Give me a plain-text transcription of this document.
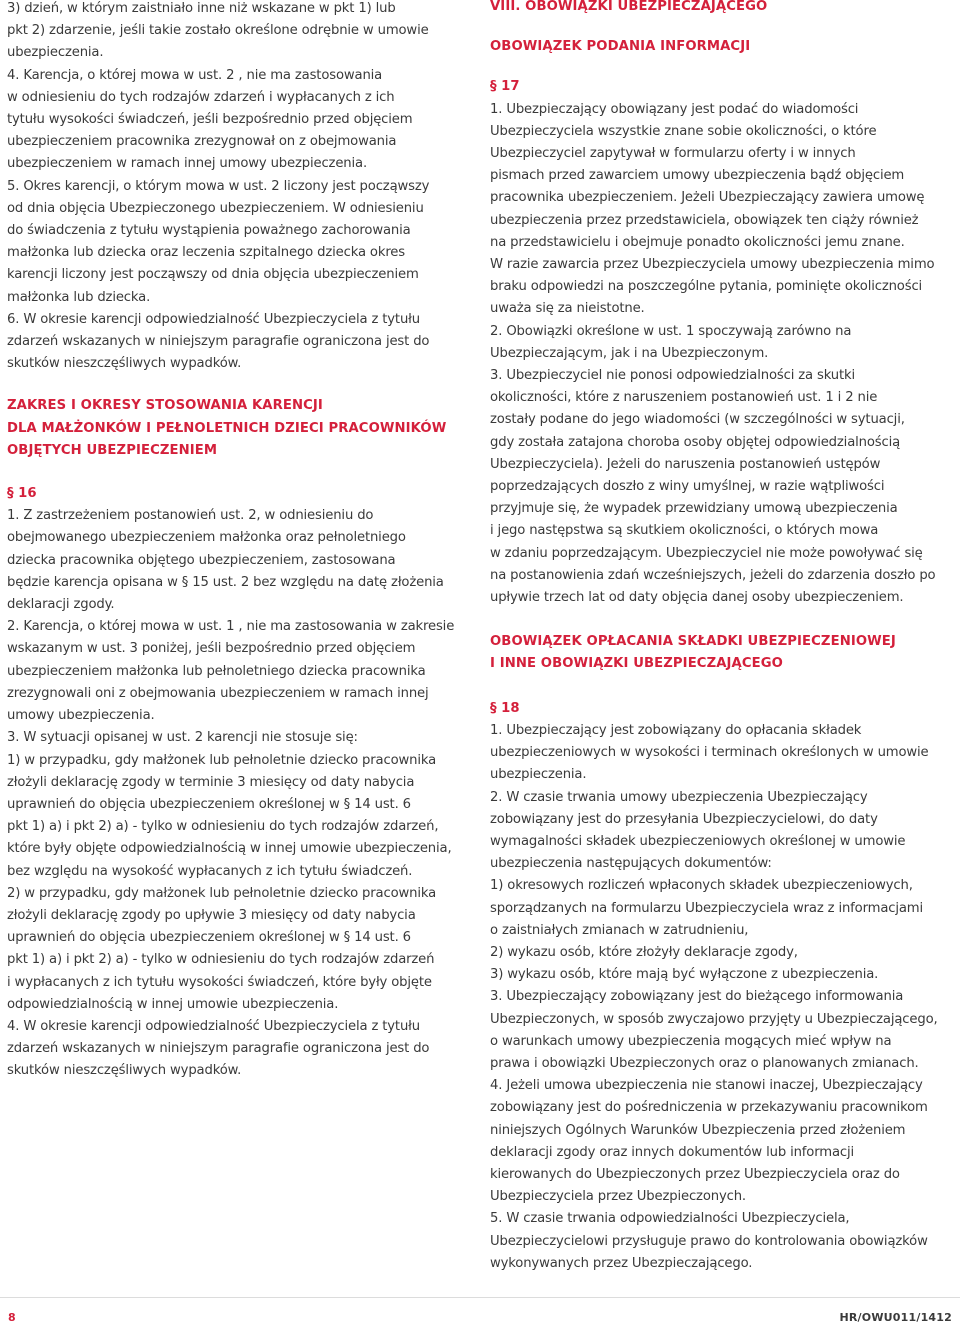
3) dzień, w którym zaistniało inne niż wskazane w pkt 1) lub
pkt 2) zdarzenie, jeśli takie zostało określone odrębnie w umowie
ubezpieczenia.
4. Karencja, o której mowa w ust. 2 , nie ma zastosowania
w odniesieniu do tych rodzajów zdarzeń i wypłacanych z ich
tytułu wysokości świadczeń, jeśli bezpośrednio przed objęciem
ubezpieczeniem pracownika zrezygnował on z obejmowania
ubezpieczeniem w ramach innej umowy ubezpieczenia.
5. Okres karencji, o którym mowa w ust. 2 liczony jest począwszy
od dnia objęcia Ubezpieczonego ubezpieczeniem. W odniesieniu
do świadczenia z tytułu wystąpienia poważnego zachorowania
małżonka lub dziecka oraz leczenia szpitalnego dziecka okres
karencji liczony jest począwszy od dnia objęcia ubezpieczeniem
małżonka lub dziecka.
6. W okresie karencji odpowiedzialność Ubezpieczyciela z tytułu
zdarzeń wskazanych w niniejszym paragrafie ograniczona jest do
skutków nieszczęśliwych wypadków.
ZAKRES I OKRESY STOSOWANIA KARENCJI
DLA MAŁŻONKÓW I PEŁNOLETNICH DZIECI PRACOWNIKÓW
OBJĘTYCH UBEZPIECZENIEM
§ 16
1. Z zastrzeżeniem postanowień ust. 2, w odniesieniu do
obejmowanego ubezpieczeniem małżonka oraz pełnoletniego
dziecka pracownika objętego ubezpieczeniem, zastosowana
będzie karencja opisana w § 15 ust. 2 bez względu na datę złożenia
deklaracji zgody.
2. Karencja, o której mowa w ust. 1 , nie ma zastosowania w zakresie
wskazanym w ust. 3 poniżej, jeśli bezpośrednio przed objęciem
ubezpieczeniem małżonka lub pełnoletniego dziecka pracownika
zrezygnowali oni z obejmowania ubezpieczeniem w ramach innej
umowy ubezpieczenia.
3. W sytuacji opisanej w ust. 2 karencji nie stosuje się:
1) w przypadku, gdy małżonek lub pełnoletnie dziecko pracownika
złożyli deklarację zgody w terminie 3 miesięcy od daty nabycia
uprawnień do objęcia ubezpieczeniem określonej w § 14 ust. 6
pkt 1) a) i pkt 2) a) - tylko w odniesieniu do tych rodzajów zdarzeń,
które były objęte odpowiedzialnością w innej umowie ubezpieczenia,
bez względu na wysokość wypłacanych z ich tytułu świadczeń.
2) w przypadku, gdy małżonek lub pełnoletnie dziecko pracownika
złożyli deklarację zgody po upływie 3 miesięcy od daty nabycia
uprawnień do objęcia ubezpieczeniem określonej w § 14 ust. 6
pkt 1) a) i pkt 2) a) - tylko w odniesieniu do tych rodzajów zdarzeń
i wypłacanych z ich tytułu wysokości świadczeń, które były objęte
odpowiedzialnością w innej umowie ubezpieczenia.
4. W okresie karencji odpowiedzialność Ubezpieczyciela z tytułu
zdarzeń wskazanych w niniejszym paragrafie ograniczona jest do
skutków nieszczęśliwych wypadków.
VIII. OBOWIĄZKI UBEZPIECZAJĄCEGO
OBOWIĄZEK PODANIA INFORMACJI
§ 17
1. Ubezpieczający obowiązany jest podać do wiadomości
Ubezpieczyciela wszystkie znane sobie okoliczności, o które
Ubezpieczyciel zapytywał w formularzu oferty i w innych
pismach przed zawarciem umowy ubezpieczenia bądź objęciem
pracownika ubezpieczeniem. Jeżeli Ubezpieczający zawiera umowę
ubezpieczenia przez przedstawiciela, obowiązek ten ciąży również
na przedstawicielu i obejmuje ponadto okoliczności jemu znane.
W razie zawarcia przez Ubezpieczyciela umowy ubezpieczenia mimo
braku odpowiedzi na poszczególne pytania, pominięte okoliczności
uważa się za nieistotne.
2. Obowiązki określone w ust. 1 spoczywają zarówno na
Ubezpieczającym, jak i na Ubezpieczonym.
3. Ubezpieczyciel nie ponosi odpowiedzialności za skutki
okoliczności, które z naruszeniem postanowień ust. 1 i 2 nie
zostały podane do jego wiadomości (w szczególności w sytuacji,
gdy została zatajona choroba osoby objętej odpowiedzialnością
Ubezpieczyciela). Jeżeli do naruszenia postanowień ustępów
poprzedzających doszło z winy umyślnej, w razie wątpliwości
przyjmuje się, że wypadek przewidziany umową ubezpieczenia
i jego następstwa są skutkiem okoliczności, o których mowa
w zdaniu poprzedzającym. Ubezpieczyciel nie może powoływać się
na postanowienia zdań wcześniejszych, jeżeli do zdarzenia doszło po
upływie trzech lat od daty objęcia danej osoby ubezpieczeniem.
OBOWIĄZEK OPŁACANIA SKŁADKI UBEZPIECZENIOWEJ
I INNE OBOWIĄZKI UBEZPIECZAJĄCEGO
§ 18
1. Ubezpieczający jest zobowiązany do opłacania składek
ubezpieczeniowych w wysokości i terminach określonych w umowie
ubezpieczenia.
2. W czasie trwania umowy ubezpieczenia Ubezpieczający
zobowiązany jest do przesyłania Ubezpieczycielowi, do daty
wymagalności składek ubezpieczeniowych określonej w umowie
ubezpieczenia następujących dokumentów:
1) okresowych rozliczeń wpłaconych składek ubezpieczeniowych,
sporządzanych na formularzu Ubezpieczyciela wraz z informacjami
o zaistniałych zmianach w zatrudnieniu,
2) wykazu osób, które złożyły deklaracje zgody,
3) wykazu osób, które mają być wyłączone z ubezpieczenia.
3. Ubezpieczający zobowiązany jest do bieżącego informowania
Ubezpieczonych, w sposób zwyczajowo przyjęty u Ubezpieczającego,
o warunkach umowy ubezpieczenia mogących mieć wpływ na
prawa i obowiązki Ubezpieczonych oraz o planowanych zmianach.
4. Jeżeli umowa ubezpieczenia nie stanowi inaczej, Ubezpieczający
zobowiązany jest do pośredniczenia w przekazywaniu pracownikom
niniejszych Ogólnych Warunków Ubezpieczenia przed złożeniem
deklaracji zgody oraz innych dokumentów lub informacji
kierowanych do Ubezpieczonych przez Ubezpieczyciela oraz do
Ubezpieczyciela przez Ubezpieczonych.
5. W czasie trwania odpowiedzialności Ubezpieczyciela,
Ubezpieczycielowi przysługuje prawo do kontrolowania obowiązków
wykonywanych przez Ubezpieczającego.
8	HR/OWU011/1412
